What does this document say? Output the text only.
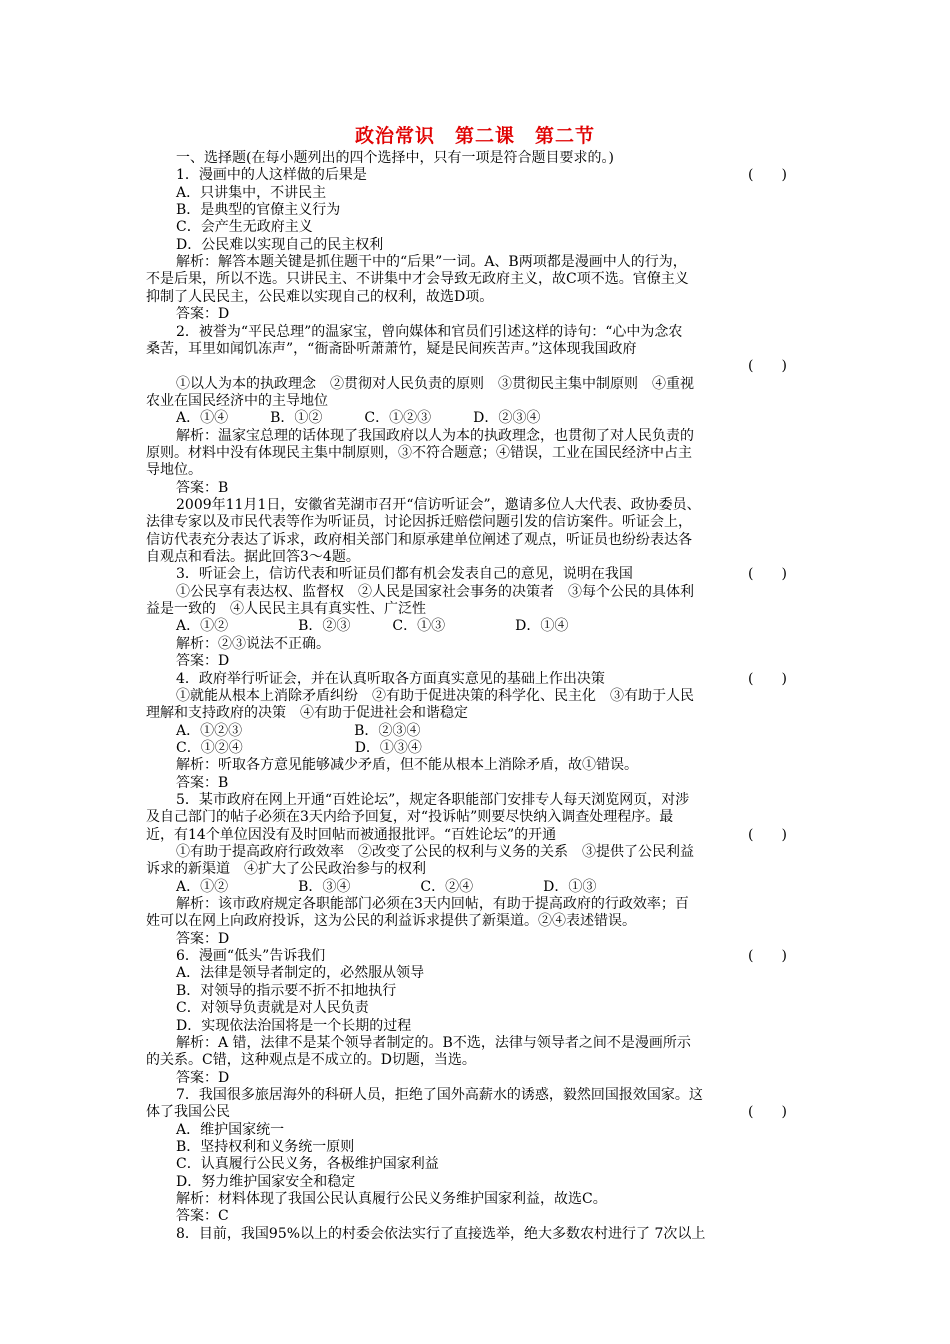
政治常识　第二课　第二节
一、选择题(在每小题列出的四个选择中，只有一项是符合题目要求的。)
1．漫画中的人这样做的后果是	(　　)
A．只讲集中，不讲民主
B．是典型的官僚主义行为
C．会产生无政府主义
D．公民难以实现自己的民主权利
解析：解答本题关键是抓住题干中的“后果”一词。A、B两项都是漫画中人的行为，
不是后果，所以不选。只讲民主、不讲集中才会导致无政府主义，故C项不选。官僚主义
抑制了人民民主，公民难以实现自己的权利，故选D项。
答案：D
2．被誉为“平民总理”的温家宝，曾向媒体和官员们引述这样的诗句：“心中为念农
桑苦，耳里如闻饥冻声”，“衙斋卧听萧萧竹，疑是民间疾苦声。”这体现我国政府
(　　)
①以人为本的执政理念　②贯彻对人民负责的原则　③贯彻民主集中制原则　④重视
农业在国民经济中的主导地位
A．①④　　　B．①②　　　C．①②③　　　D．②③④
解析：温家宝总理的话体现了我国政府以人为本的执政理念，也贯彻了对人民负责的
原则。材料中没有体现民主集中制原则，③不符合题意；④错误，工业在国民经济中占主
导地位。
答案：B
2009年11月1日，安徽省芜湖市召开“信访听证会”，邀请多位人大代表、政协委员、
法律专家以及市民代表等作为听证员，讨论因拆迁赔偿问题引发的信访案件。听证会上，
信访代表充分表达了诉求，政府相关部门和原承建单位阐述了观点，听证员也纷纷表达各
自观点和看法。据此回答3～4题。
3．听证会上，信访代表和听证员们都有机会发表自己的意见，说明在我国	(　　)
①公民享有表达权、监督权　②人民是国家社会事务的决策者　③每个公民的具体利
益是一致的　④人民民主具有真实性、广泛性
A．①②　　　　　B．②③　　　C．①③　　　　　D．①④
解析：②③说法不正确。
答案：D
4．政府举行听证会，并在认真听取各方面真实意见的基础上作出决策	(　　)
①就能从根本上消除矛盾纠纷　②有助于促进决策的科学化、民主化　③有助于人民
理解和支持政府的决策　④有助于促进社会和谐稳定
A．①②③　　　　　　　　B．②③④
C．①②④　　　　　　　　D．①③④
解析：听取各方意见能够减少矛盾，但不能从根本上消除矛盾，故①错误。
答案：B
5．某市政府在网上开通“百姓论坛”，规定各职能部门安排专人每天浏览网页，对涉
及自己部门的帖子必须在3天内给予回复，对“投诉帖”则要尽快纳入调查处理程序。最
近，有14个单位因没有及时回帖而被通报批评。“百姓论坛”的开通	(　　)
①有助于提高政府行政效率　②改变了公民的权利与义务的关系　③提供了公民利益
诉求的新渠道　④扩大了公民政治参与的权利
A．①②　　　　　B．③④　　　　　C．②④　　　　　D．①③
解析：该市政府规定各职能部门必须在3天内回帖，有助于提高政府的行政效率；百
姓可以在网上向政府投诉，这为公民的利益诉求提供了新渠道。②④表述错误。
答案：D
6．漫画“低头”告诉我们	(　　)
A．法律是领导者制定的，必然服从领导
B．对领导的指示要不折不扣地执行
C．对领导负责就是对人民负责
D．实现依法治国将是一个长期的过程
解析：A 错，法律不是某个领导者制定的。B不选，法律与领导者之间不是漫画所示
的关系。C错，这种观点是不成立的。D切题，当选。
答案：D
7．我国很多旅居海外的科研人员，拒绝了国外高薪水的诱惑，毅然回国报效国家。这
体了我国公民	(　　)
A．维护国家统一
B．坚持权利和义务统一原则
C．认真履行公民义务，各极维护国家利益
D．努力维护国家安全和稳定
解析：材料体现了我国公民认真履行公民义务维护国家利益，故选C。
答案：C
8．目前，我国95%以上的村委会依法实行了直接选举，绝大多数农村进行了 7次以上
